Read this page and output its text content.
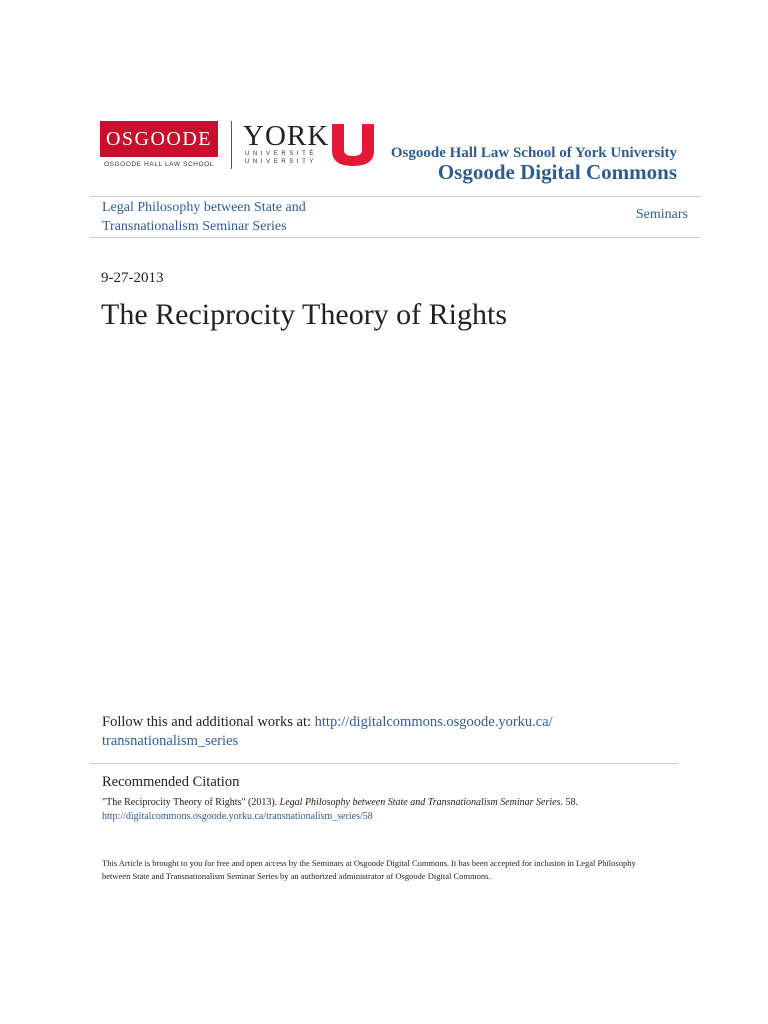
OSGOODE
OSGOODE HALL LAW SCHOOL
YORK
UNIVERSITÉ
UNIVERSITY
Osgoode Hall Law School of York University
Osgoode Digital Commons
Legal Philosophy between State and Transnationalism Seminar Series
Seminars
9-27-2013
The Reciprocity Theory of Rights
Follow this and additional works at: http://digitalcommons.osgoode.yorku.ca/
transnationalism_series
Recommended Citation
"The Reciprocity Theory of Rights" (2013). Legal Philosophy between State and Transnationalism Seminar Series. 58.
http://digitalcommons.osgoode.yorku.ca/transnationalism_series/58
This Article is brought to you for free and open access by the Seminars at Osgoode Digital Commons. It has been accepted for inclusion in Legal Philosophy between State and Transnationalism Seminar Series by an authorized administrator of Osgoode Digital Commons.
